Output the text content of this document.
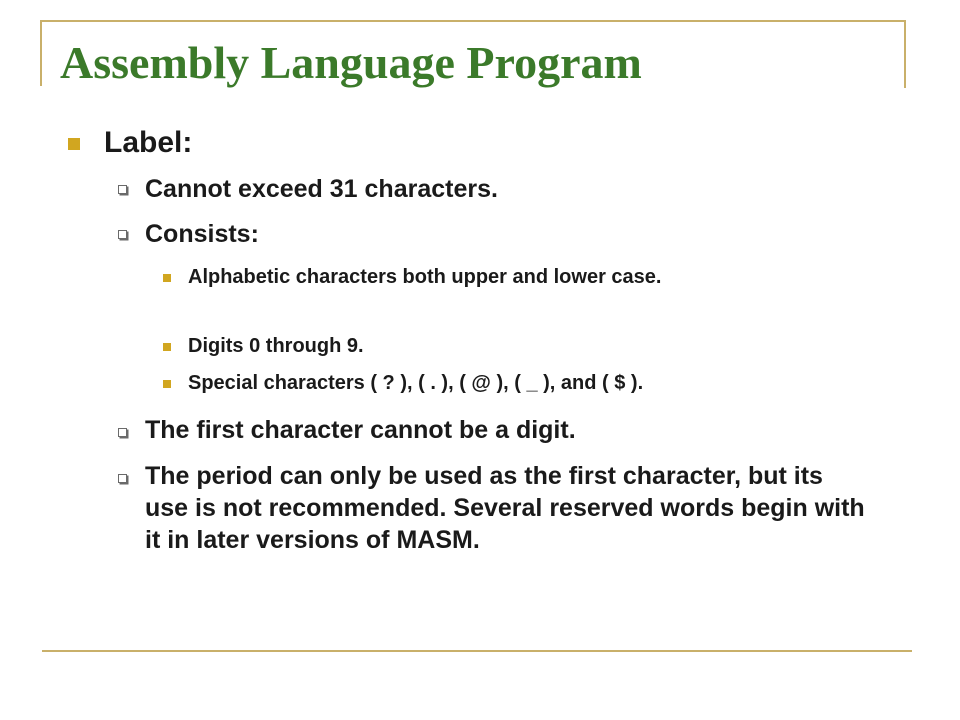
Assembly Language Program

Label:

Cannot exceed 31 characters.

Consists:

Alphabetic characters both upper and lower case.

Digits 0 through 9.

Special characters ( ? ), ( . ), ( @ ), ( _ ), and ( $ ).

The first character cannot be a digit.

The period can only be used as the first character, but its use is not recommended. Several reserved words begin with it in later versions of MASM.
